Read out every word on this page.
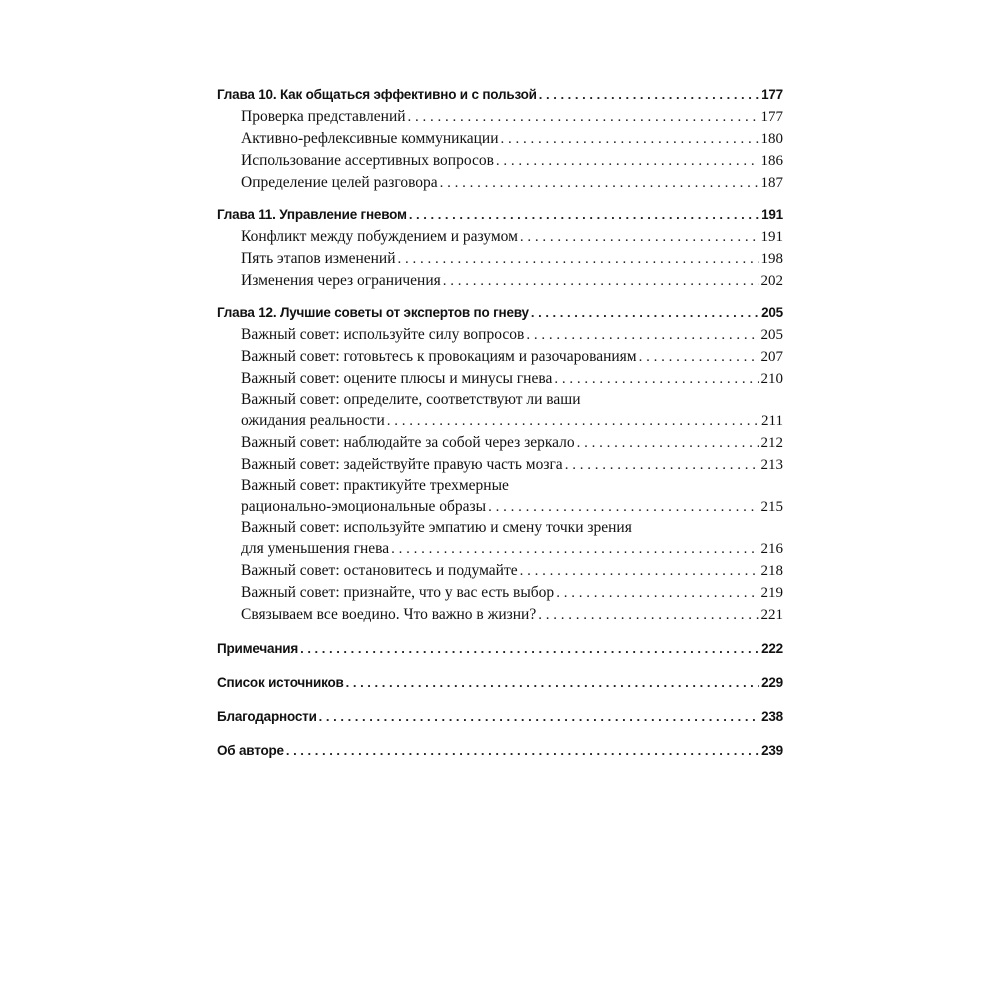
Глава 10. Как общаться эффективно и с пользой . . .	177
Проверка представлений . . .	177
Активно-рефлексивные коммуникации . . .	180
Использование ассертивных вопросов . . .	186
Определение целей разговора . . .	187
Глава 11. Управление гневом . . .	191
Конфликт между побуждением и разумом . . .	191
Пять этапов изменений . . .	198
Изменения через ограничения . . .	202
Глава 12. Лучшие советы от экспертов по гневу . . .	205
Важный совет: используйте силу вопросов . . .	205
Важный совет: готовьтесь к провокациям и разочарованиям . . .	207
Важный совет: оцените плюсы и минусы гнева . . .	210
Важный совет: определите, соответствуют ли ваши
ожидания реальности . . .	211
Важный совет: наблюдайте за собой через зеркало . . .	212
Важный совет: задействуйте правую часть мозга . . .	213
Важный совет: практикуйте трехмерные
рационально-эмоциональные образы . . .	215
Важный совет: используйте эмпатию и смену точки зрения
для уменьшения гнева . . .	216
Важный совет: остановитесь и подумайте . . .	218
Важный совет: признайте, что у вас есть выбор . . .	219
Связываем все воедино. Что важно в жизни? . . .	221
Примечания . . .	222
Список источников . . .	229
Благодарности . . .	238
Об авторе . . .	239
